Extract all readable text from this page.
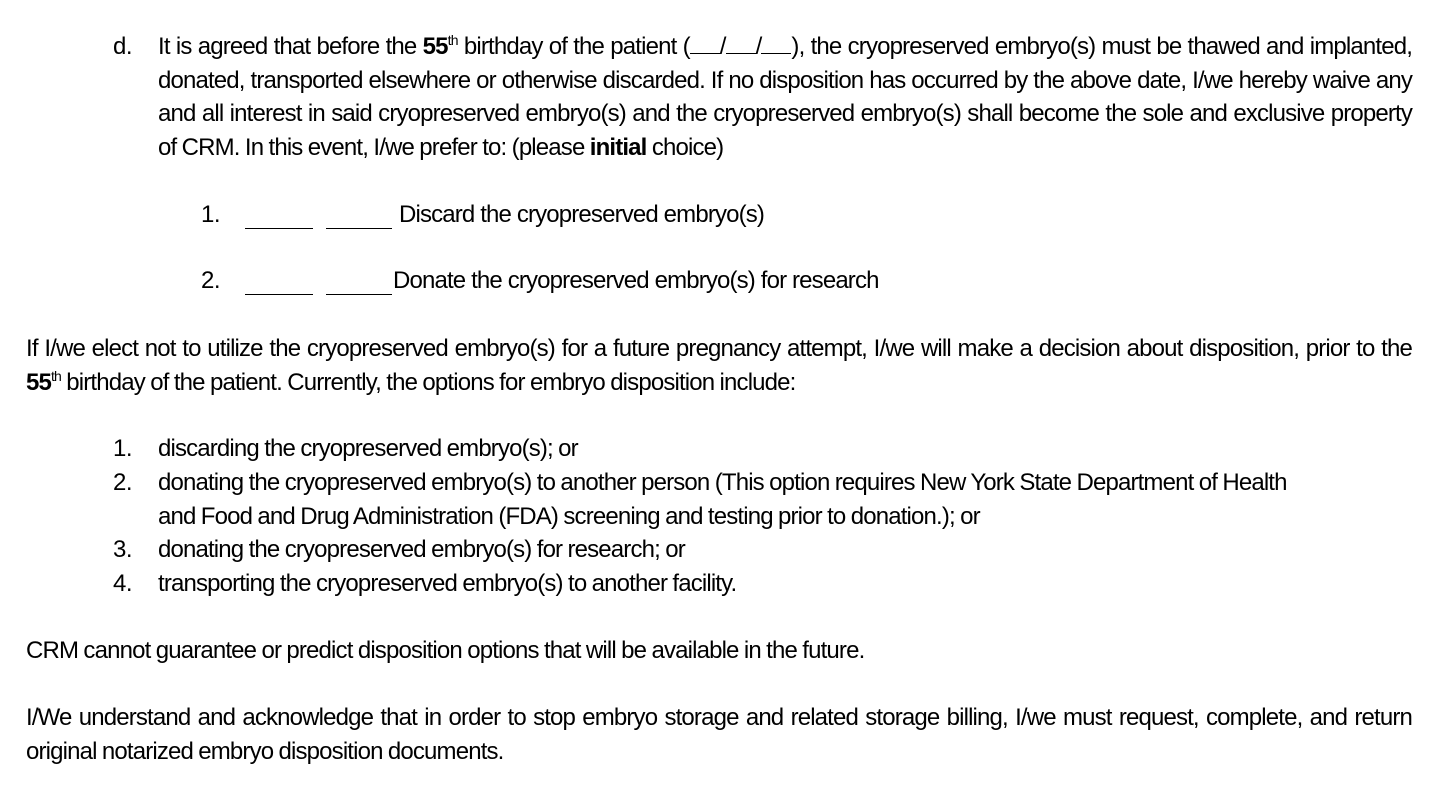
d. It is agreed that before the 55th birthday of the patient ( / / ), the cryopreserved embryo(s) must be thawed and implanted, donated, transported elsewhere or otherwise discarded. If no disposition has occurred by the above date, I/we hereby waive any and all interest in said cryopreserved embryo(s) and the cryopreserved embryo(s) shall become the sole and exclusive property of CRM. In this event, I/we prefer to: (please initial choice)
1.	Discard the cryopreserved embryo(s)
2.	Donate the cryopreserved embryo(s) for research
If I/we elect not to utilize the cryopreserved embryo(s) for a future pregnancy attempt, I/we will make a decision about disposition, prior to the 55th birthday of the patient. Currently, the options for embryo disposition include:
1. discarding the cryopreserved embryo(s); or
2. donating the cryopreserved embryo(s) to another person (This option requires New York State Department of Health
and Food and Drug Administration (FDA) screening and testing prior to donation.); or
3. donating the cryopreserved embryo(s) for research; or
4. transporting the cryopreserved embryo(s) to another facility.
CRM cannot guarantee or predict disposition options that will be available in the future.
I/We understand and acknowledge that in order to stop embryo storage and related storage billing, I/we must request, complete, and return original notarized embryo disposition documents.
